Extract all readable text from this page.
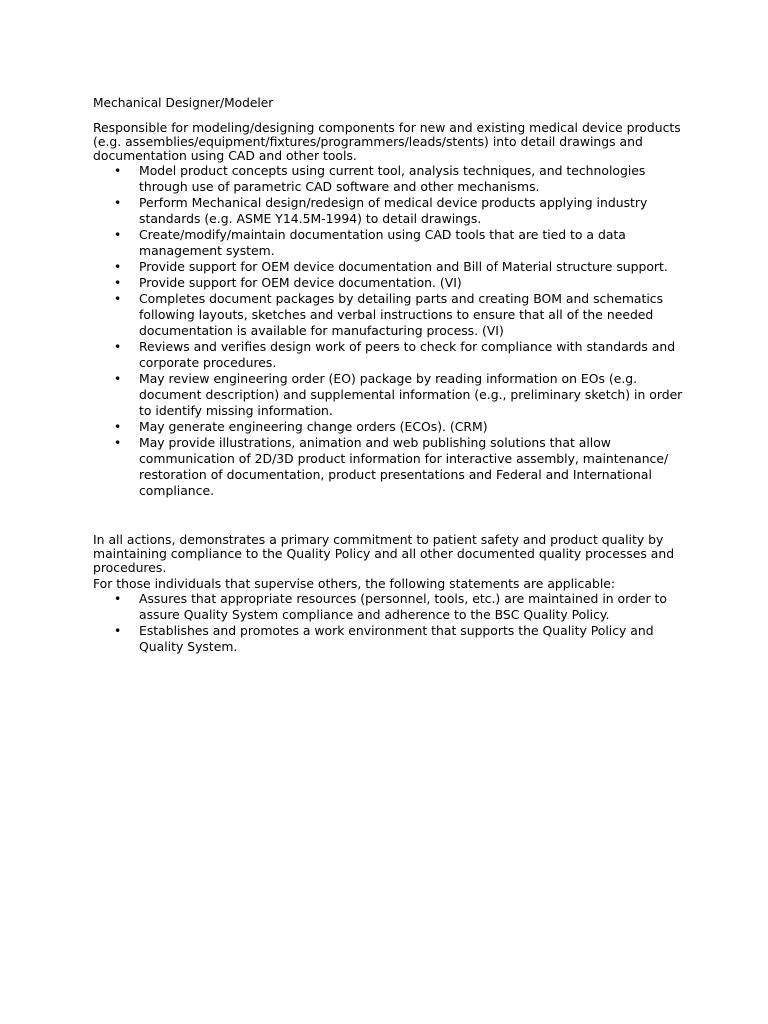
Mechanical Designer/Modeler

Responsible for modeling/designing components for new and existing medical device products (e.g. assemblies/equipment/fixtures/programmers/leads/stents) into detail drawings and documentation using CAD and other tools.

• Model product concepts using current tool, analysis techniques, and technologies through use of parametric CAD software and other mechanisms.
• Perform Mechanical design/redesign of medical device products applying industry standards (e.g. ASME Y14.5M-1994) to detail drawings.
• Create/modify/maintain documentation using CAD tools that are tied to a data management system.
• Provide support for OEM device documentation and Bill of Material structure support.
• Provide support for OEM device documentation. (VI)
• Completes document packages by detailing parts and creating BOM and schematics following layouts, sketches and verbal instructions to ensure that all of the needed documentation is available for manufacturing process. (VI)
• Reviews and verifies design work of peers to check for compliance with standards and corporate procedures.
• May review engineering order (EO) package by reading information on EOs (e.g. document description) and supplemental information (e.g., preliminary sketch) in order to identify missing information.
• May generate engineering change orders (ECOs). (CRM)
• May provide illustrations, animation and web publishing solutions that allow communication of 2D/3D product information for interactive assembly, maintenance/ restoration of documentation, product presentations and Federal and International compliance.

In all actions, demonstrates a primary commitment to patient safety and product quality by maintaining compliance to the Quality Policy and all other documented quality processes and procedures.

For those individuals that supervise others, the following statements are applicable:

• Assures that appropriate resources (personnel, tools, etc.) are maintained in order to assure Quality System compliance and adherence to the BSC Quality Policy.
• Establishes and promotes a work environment that supports the Quality Policy and Quality System.
